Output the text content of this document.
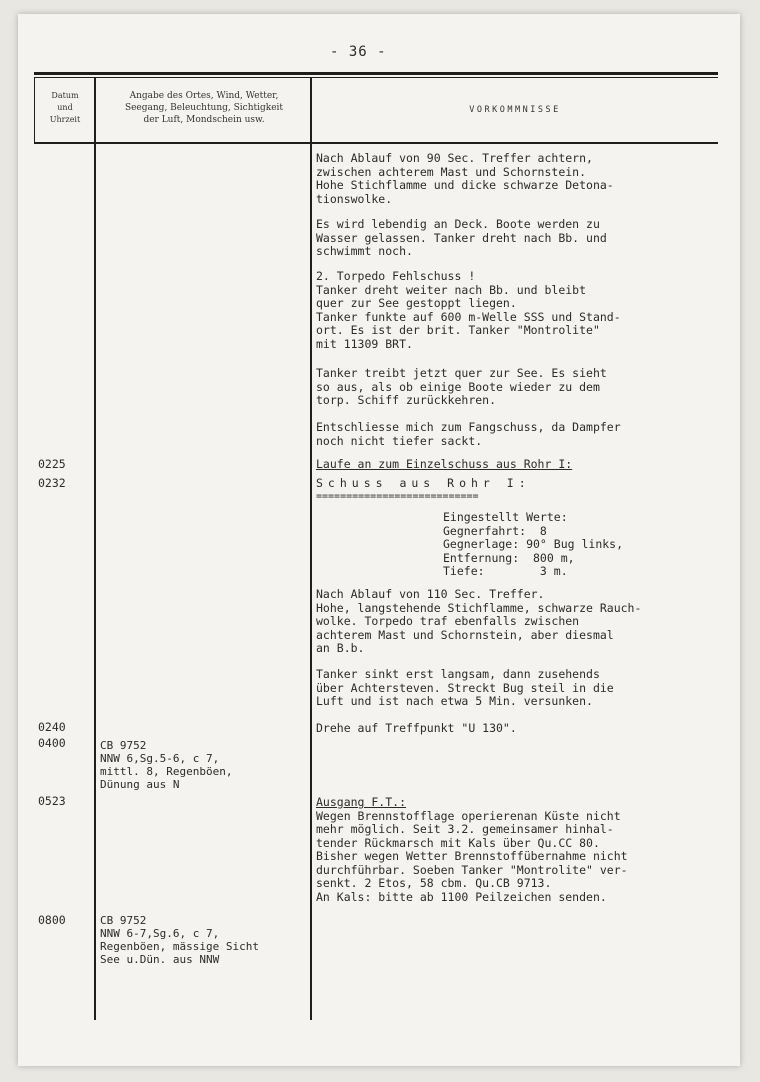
- 36 -
Datum
und
Uhrzeit
Angabe des Ortes, Wind, Wetter,
Seegang, Beleuchtung, Sichtigkeit
der Luft, Mondschein usw.
VORKOMMNISSE
0225
0232
0240
0400
0523
0800
CB 9752
NNW 6,Sg.5-6, c 7,
mittl. 8, Regenböen,
Dünung aus N
CB 9752
NNW 6-7,Sg.6, c 7,
Regenböen, mässige Sicht
See u.Dün. aus NNW
Nach Ablauf von 90 Sec. Treffer achtern,
zwischen achterem Mast und Schornstein.
Hohe Stichflamme und dicke schwarze Detona-
tionswolke.
Es wird lebendig an Deck. Boote werden zu
Wasser gelassen. Tanker dreht nach Bb. und
schwimmt noch.
2. Torpedo Fehlschuss !
Tanker dreht weiter nach Bb. und bleibt
quer zur See gestoppt liegen.
Tanker funkte auf 600 m-Welle SSS und Stand-
ort. Es ist der brit. Tanker "Montrolite"
mit 11309 BRT.
Tanker treibt jetzt quer zur See. Es sieht
so aus, als ob einige Boote wieder zu dem
torp. Schiff zurückkehren.
Entschliesse mich zum Fangschuss, da Dampfer
noch nicht tiefer sackt.
Laufe an zum Einzelschuss aus Rohr I:
Schuss aus Rohr I:
===========================
Eingestellt Werte:
Gegnerfahrt:  8
Gegnerlage: 90° Bug links,
Entfernung:  800 m,
Tiefe:        3 m.
Nach Ablauf von 110 Sec. Treffer.
Hohe, langstehende Stichflamme, schwarze Rauch-
wolke. Torpedo traf ebenfalls zwischen
achterem Mast und Schornstein, aber diesmal
an B.b.
Tanker sinkt erst langsam, dann zusehends
über Achtersteven. Streckt Bug steil in die
Luft und ist nach etwa 5 Min. versunken.
Drehe auf Treffpunkt "U 130".
Ausgang F.T.:
Wegen Brennstofflage operierenan Küste nicht
mehr möglich. Seit 3.2. gemeinsamer hinhal-
tender Rückmarsch mit Kals über Qu.CC 80.
Bisher wegen Wetter Brennstoffübernahme nicht
durchführbar. Soeben Tanker "Montrolite" ver-
senkt. 2 Etos, 58 cbm. Qu.CB 9713.
An Kals: bitte ab 1100 Peilzeichen senden.
